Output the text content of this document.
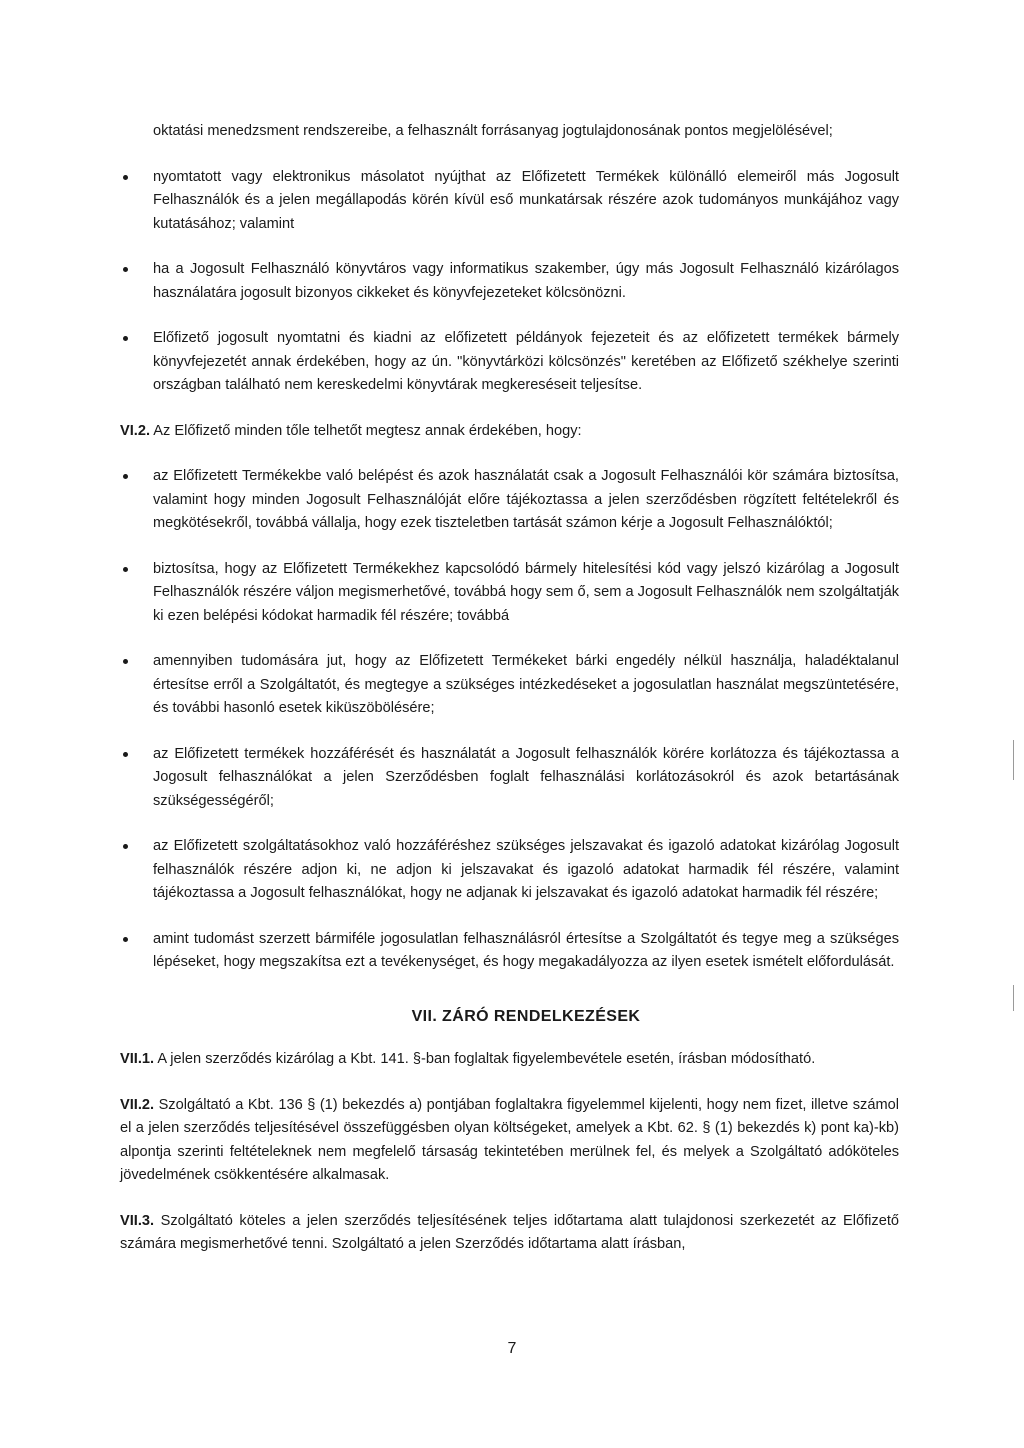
oktatási menedzsment rendszereibe, a felhasznált forrásanyag jogtulajdonosának pontos megjelölésével;

nyomtatott vagy elektronikus másolatot nyújthat az Előfizetett Termékek különálló elemeiről más Jogosult Felhasználók és a jelen megállapodás körén kívül eső munkatársak részére azok tudományos munkájához vagy kutatásához; valamint
ha a Jogosult Felhasználó könyvtáros vagy informatikus szakember, úgy más Jogosult Felhasználó kizárólagos használatára jogosult bizonyos cikkeket és könyvfejezeteket kölcsönözni.
Előfizető jogosult nyomtatni és kiadni az előfizetett példányok fejezeteit és az előfizetett termékek bármely könyvfejezetét annak érdekében, hogy az ún. "könyvtárközi kölcsönzés" keretében az Előfizető székhelye szerinti országban található nem kereskedelmi könyvtárak megkereséseit teljesítse.

VI.2. Az Előfizető minden tőle telhetőt megtesz annak érdekében, hogy:

az Előfizetett Termékekbe való belépést és azok használatát csak a Jogosult Felhasználói kör számára biztosítsa, valamint hogy minden Jogosult Felhasználóját előre tájékoztassa a jelen szerződésben rögzített feltételekről és megkötésekről, továbbá vállalja, hogy ezek tiszteletben tartását számon kérje a Jogosult Felhasználóktól;
biztosítsa, hogy az Előfizetett Termékekhez kapcsolódó bármely hitelesítési kód vagy jelszó kizárólag a Jogosult Felhasználók részére váljon megismerhetővé, továbbá hogy sem ő, sem a Jogosult Felhasználók nem szolgáltatják ki ezen belépési kódokat harmadik fél részére; továbbá
amennyiben tudomására jut, hogy az Előfizetett Termékeket bárki engedély nélkül használja, haladéktalanul értesítse erről a Szolgáltatót, és megtegye a szükséges intézkedéseket a jogosulatlan használat megszüntetésére, és további hasonló esetek kiküszöbölésére;
az Előfizetett termékek hozzáférését és használatát a Jogosult felhasználók körére korlátozza és tájékoztassa a Jogosult felhasználókat a jelen Szerződésben foglalt felhasználási korlátozásokról és azok betartásának szükségességéről;
az Előfizetett szolgáltatásokhoz való hozzáféréshez szükséges jelszavakat és igazoló adatokat kizárólag Jogosult felhasználók részére adjon ki, ne adjon ki jelszavakat és igazoló adatokat harmadik fél részére, valamint tájékoztassa a Jogosult felhasználókat, hogy ne adjanak ki jelszavakat és igazoló adatokat harmadik fél részére;
amint tudomást szerzett bármiféle jogosulatlan felhasználásról értesítse a Szolgáltatót és tegye meg a szükséges lépéseket, hogy megszakítsa ezt a tevékenységet, és hogy megakadályozza az ilyen esetek ismételt előfordulását.
VII. ZÁRÓ RENDELKEZÉSEK

VII.1. A jelen szerződés kizárólag a Kbt. 141. §-ban foglaltak figyelembevétele esetén, írásban módosítható.

VII.2. Szolgáltató a Kbt. 136 § (1) bekezdés a) pontjában foglaltakra figyelemmel kijelenti, hogy nem fizet, illetve számol el a jelen szerződés teljesítésével összefüggésben olyan költségeket, amelyek a Kbt. 62. § (1) bekezdés k) pont ka)-kb) alpontja szerinti feltételeknek nem megfelelő társaság tekintetében merülnek fel, és melyek a Szolgáltató adóköteles jövedelmének csökkentésére alkalmasak.

VII.3. Szolgáltató köteles a jelen szerződés teljesítésének teljes időtartama alatt tulajdonosi szerkezetét az Előfizető számára megismerhetővé tenni. Szolgáltató a jelen Szerződés időtartama alatt írásban,

7
